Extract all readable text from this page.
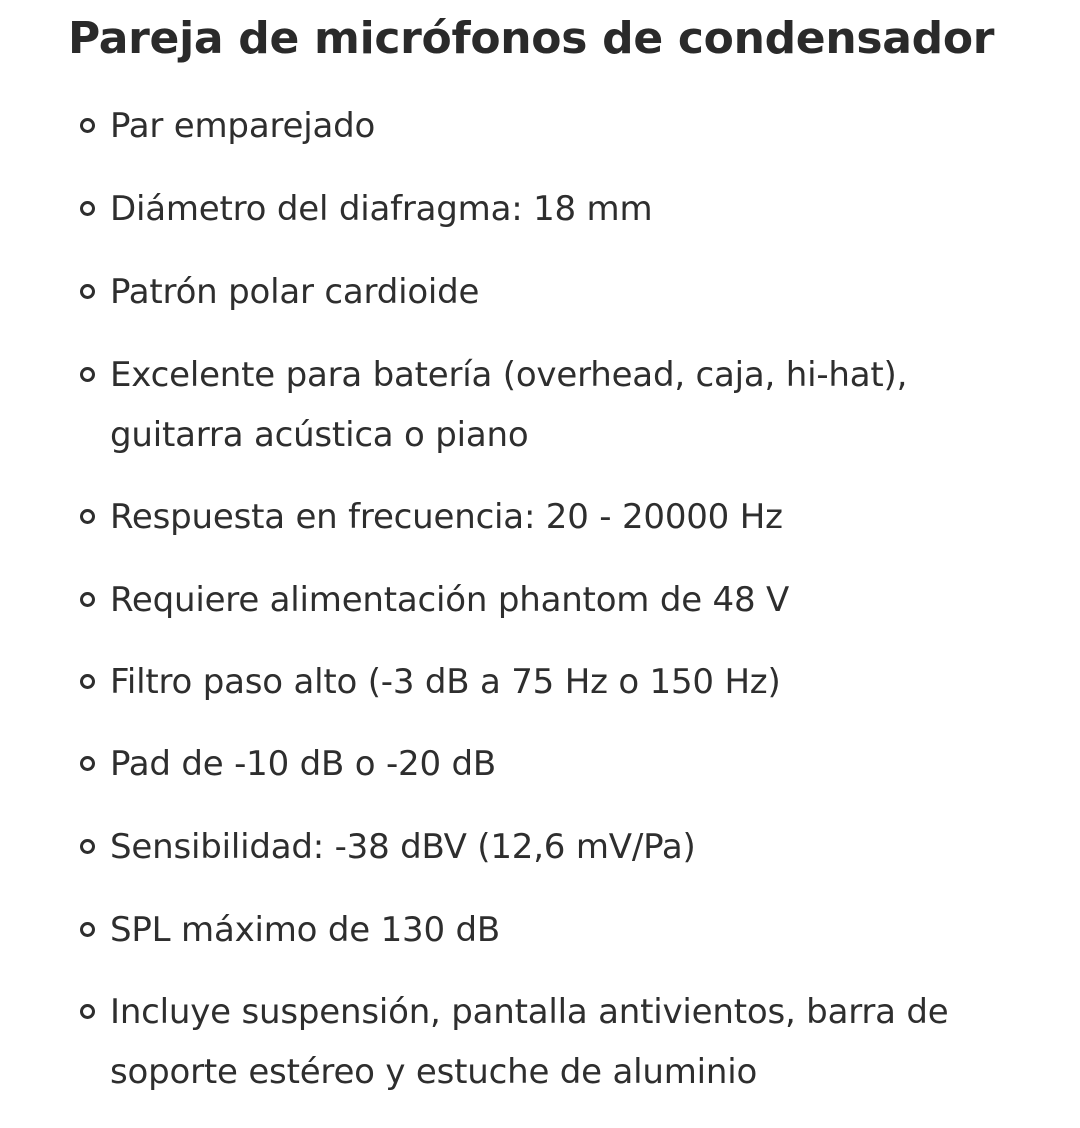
Pareja de micrófonos de condensador
Par emparejado
Diámetro del diafragma: 18 mm
Patrón polar cardioide
Excelente para batería (overhead, caja, hi-hat),
guitarra acústica o piano
Respuesta en frecuencia: 20 - 20000 Hz
Requiere alimentación phantom de 48 V
Filtro paso alto (-3 dB a 75 Hz o 150 Hz)
Pad de -10 dB o -20 dB
Sensibilidad: -38 dBV (12,6 mV/Pa)
SPL máximo de 130 dB
Incluye suspensión, pantalla antivientos, barra de
soporte estéreo y estuche de aluminio
